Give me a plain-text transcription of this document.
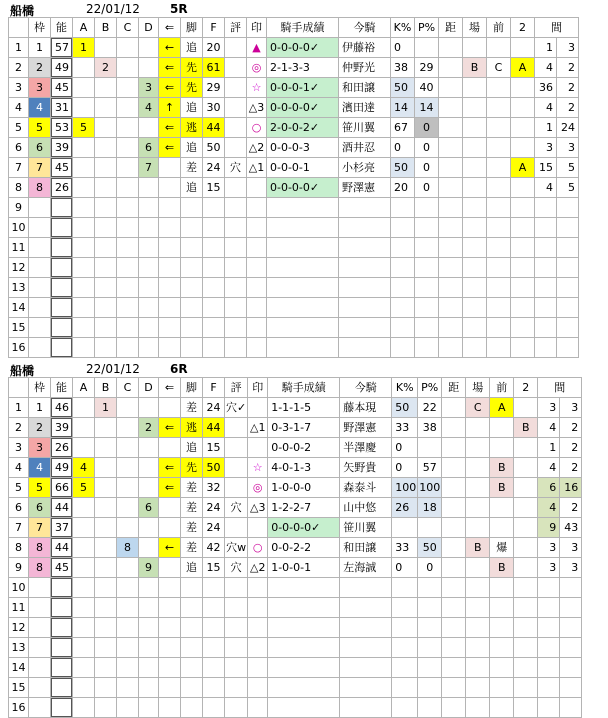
船橋	22/01/12	5R
	枠	能	A	B	C	D	⇐	脚	F	評	印	騎手成績	今騎	K%	P%	距	場	前	2	間	
1	1	57	1				←	追	20		▲	0-0-0-0✓	伊藤裕	0						1	3
2	2	49		2			⇐	先	61		◎	2-1-3-3	仲野光	38	29		B	C	A	4	2
3	3	45				3	⇐	先	29		☆	0-0-0-1✓	和田譲	50	40					36	2
4	4	31				4	↑	追	30		△3	0-0-0-0✓	濱田達	14	14					4	2
5	5	53	5				⇐	逃	44		○	2-0-0-2✓	笹川翼	67	0					1	24
6	6	39				6	⇐	追	50		△2	0-0-0-3	酒井忍	0	0					3	3
7	7	45				7		差	24	穴	△1	0-0-0-1	小杉亮	50	0				A	15	5
8	8	26						追	15			0-0-0-0✓	野澤憲	20	0					4	5
9																					
10																					
11																					
12																					
13																					
14																					
15																					
16																					
船橋	22/01/12	6R
	枠	能	A	B	C	D	⇐	脚	F	評	印	騎手成績	今騎	K%	P%	距	場	前	2	間	
1	1	46		1				差	24	穴✓		1-1-1-5	藤本現	50	22		C	A		3	3
2	2	39				2	⇐	逃	44		△1	0-3-1-7	野澤憲	33	38				B	4	2
3	3	26						追	15			0-0-0-2	半澤慶	0						1	2
4	4	49	4				⇐	先	50		☆	4-0-1-3	矢野貴	0	57			B		4	2
5	5	66	5				⇐	差	32		◎	1-0-0-0	森泰斗	100	100			B		6	16
6	6	44				6		差	24	穴	△3	1-2-2-7	山中悠	26	18					4	2
7	7	37						差	24			0-0-0-0✓	笹川翼							9	43
8	8	44			8		←	差	42	穴w	○	0-0-2-2	和田譲	33	50		B	爆		3	3
9	8	45				9		追	15	穴	△2	1-0-0-1	左海誠	0	0			B		3	3
10																					
11																					
12																					
13																					
14																					
15																					
16																					
